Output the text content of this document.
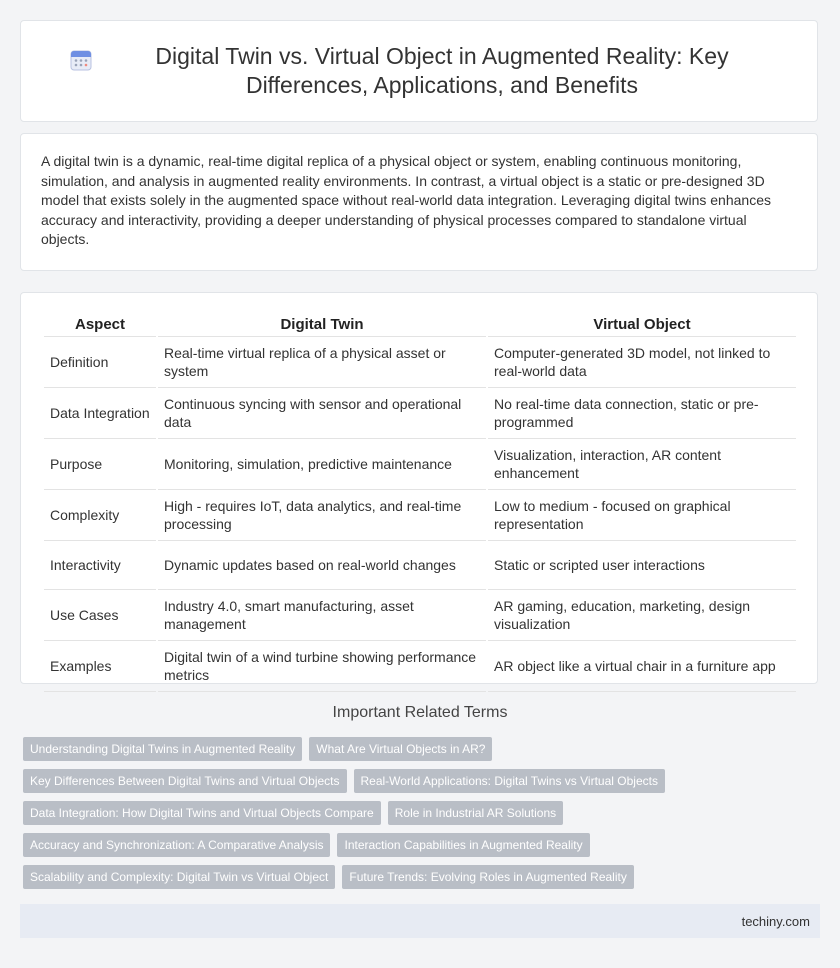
Digital Twin vs. Virtual Object in Augmented Reality: Key Differences, Applications, and Benefits

A digital twin is a dynamic, real-time digital replica of a physical object or system, enabling continuous monitoring, simulation, and analysis in augmented reality environments. In contrast, a virtual object is a static or pre-designed 3D model that exists solely in the augmented space without real-world data integration. Leveraging digital twins enhances accuracy and interactivity, providing a deeper understanding of physical processes compared to standalone virtual objects.

Aspect	Digital Twin	Virtual Object
Definition	Real-time virtual replica of a physical asset or system	Computer-generated 3D model, not linked to real-world data
Data Integration	Continuous syncing with sensor and operational data	No real-time data connection, static or pre-programmed
Purpose	Monitoring, simulation, predictive maintenance	Visualization, interaction, AR content enhancement
Complexity	High - requires IoT, data analytics, and real-time processing	Low to medium - focused on graphical representation
Interactivity	Dynamic updates based on real-world changes	Static or scripted user interactions
Use Cases	Industry 4.0, smart manufacturing, asset management	AR gaming, education, marketing, design visualization
Examples	Digital twin of a wind turbine showing performance metrics	AR object like a virtual chair in a furniture app
Important Related Terms
Understanding Digital Twins in Augmented Reality	What Are Virtual Objects in AR?
Key Differences Between Digital Twins and Virtual Objects	Real-World Applications: Digital Twins vs Virtual Objects
Data Integration: How Digital Twins and Virtual Objects Compare	Role in Industrial AR Solutions
Accuracy and Synchronization: A Comparative Analysis	Interaction Capabilities in Augmented Reality
Scalability and Complexity: Digital Twin vs Virtual Object	Future Trends: Evolving Roles in Augmented Reality
techiny.com
